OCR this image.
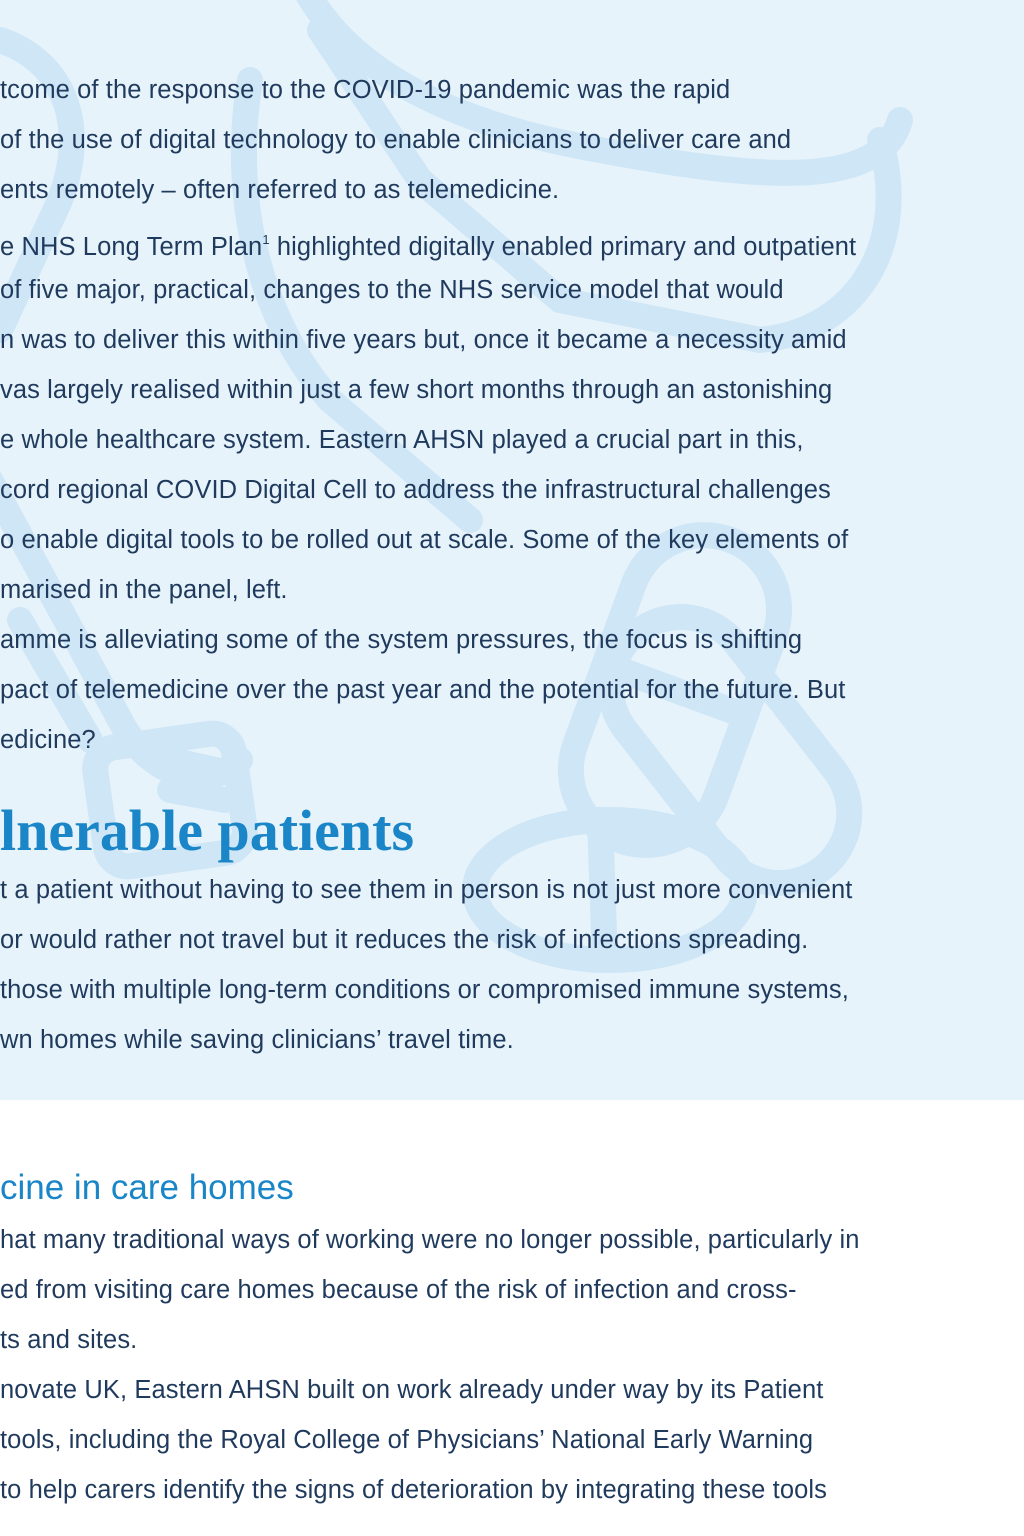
tcome of the response to the COVID-19 pandemic was the rapid
of the use of digital technology to enable clinicians to deliver care and
ents remotely – often referred to as telemedicine.
e NHS Long Term Plan$^1$ highlighted digitally enabled primary and outpatient
of five major, practical, changes to the NHS service model that would
n was to deliver this within five years but, once it became a necessity amid
vas largely realised within just a few short months through an astonishing
e whole healthcare system. Eastern AHSN played a crucial part in this,
cord regional COVID Digital Cell to address the infrastructural challenges
o enable digital tools to be rolled out at scale. Some of the key elements of
marised in the panel, left.
amme is alleviating some of the system pressures, the focus is shifting
pact of telemedicine over the past year and the potential for the future. But
edicine?
lnerable patients
t a patient without having to see them in person is not just more convenient
or would rather not travel but it reduces the risk of infections spreading.
those with multiple long-term conditions or compromised immune systems,
wn homes while saving clinicians’ travel time.
cine in care homes
hat many traditional ways of working were no longer possible, particularly in
ed from visiting care homes because of the risk of infection and cross-
ts and sites.
novate UK, Eastern AHSN built on work already under way by its Patient
tools, including the Royal College of Physicians’ National Early Warning
to help carers identify the signs of deterioration by integrating these tools
